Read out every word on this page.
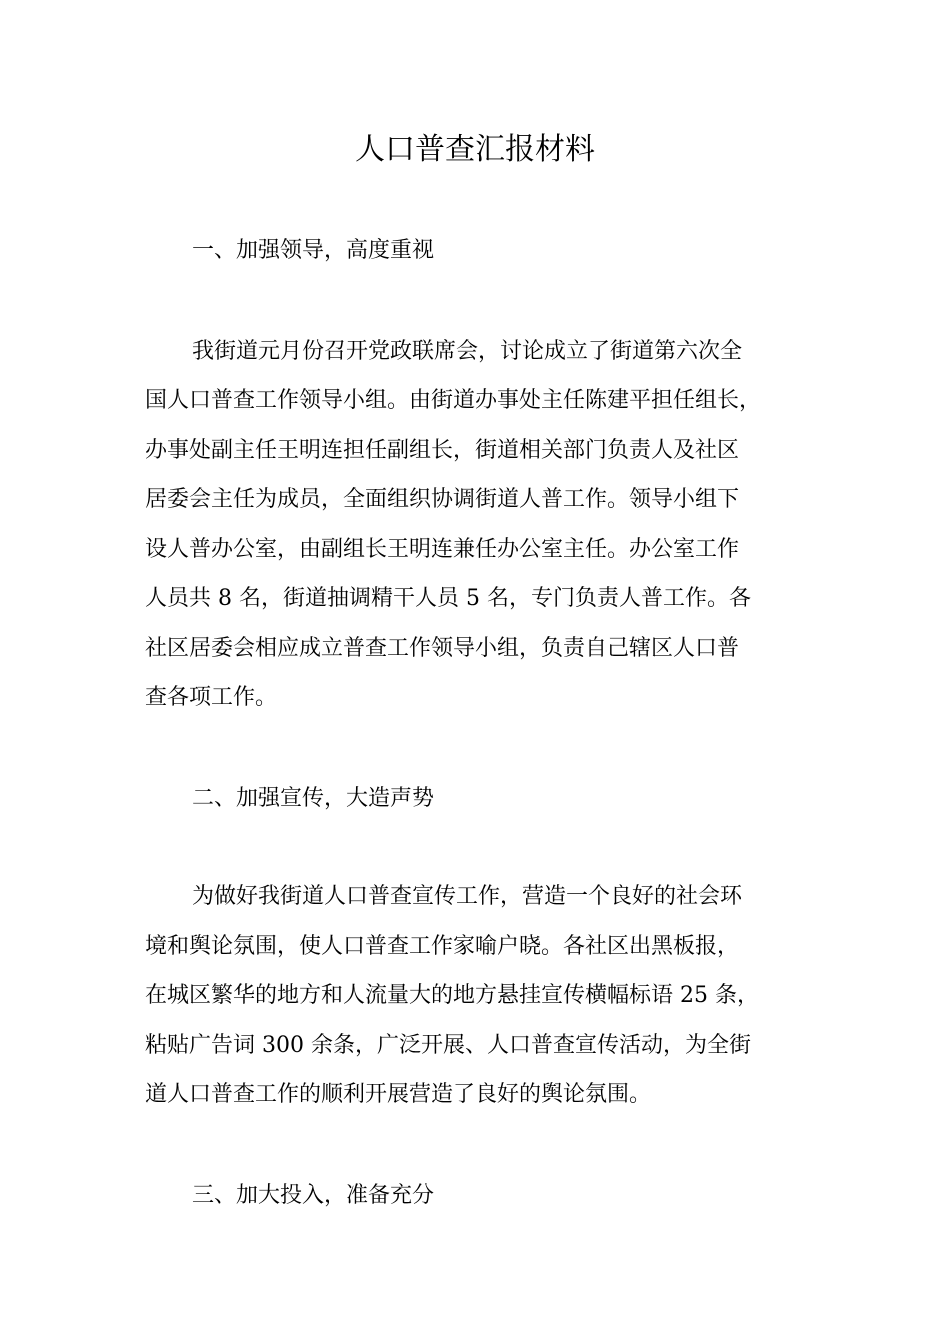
人口普查汇报材料
一、加强领导，高度重视
我街道元月份召开党政联席会，讨论成立了街道第六次全
国人口普查工作领导小组。由街道办事处主任陈建平担任组长，
办事处副主任王明连担任副组长，街道相关部门负责人及社区
居委会主任为成员，全面组织协调街道人普工作。领导小组下
设人普办公室，由副组长王明连兼任办公室主任。办公室工作
人员共 8 名，街道抽调精干人员 5 名，专门负责人普工作。各
社区居委会相应成立普查工作领导小组，负责自己辖区人口普
查各项工作。
二、加强宣传，大造声势
为做好我街道人口普查宣传工作，营造一个良好的社会环
境和舆论氛围，使人口普查工作家喻户晓。各社区出黑板报，
在城区繁华的地方和人流量大的地方悬挂宣传横幅标语 25 条，
粘贴广告词 300 余条，广泛开展、人口普查宣传活动，为全街
道人口普查工作的顺利开展营造了良好的舆论氛围。
三、加大投入，准备充分
